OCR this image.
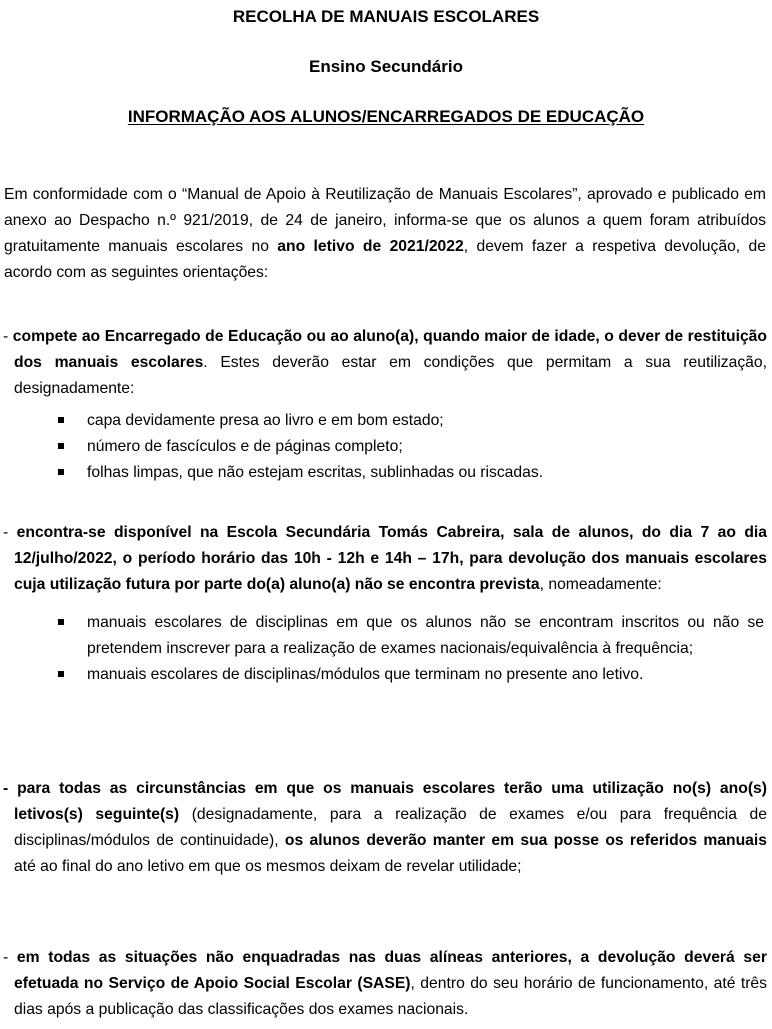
RECOLHA DE MANUAIS ESCOLARES
Ensino Secundário
INFORMAÇÃO AOS ALUNOS/ENCARREGADOS DE EDUCAÇÃO

Em conformidade com o “Manual de Apoio à Reutilização de Manuais Escolares”, aprovado e publicado em anexo ao Despacho n.º 921/2019, de 24 de janeiro, informa-se que os alunos a quem foram atribuídos gratuitamente manuais escolares no ano letivo de 2021/2022, devem fazer a respetiva devolução, de acordo com as seguintes orientações:

- compete ao Encarregado de Educação ou ao aluno(a), quando maior de idade, o dever de restituição dos manuais escolares. Estes deverão estar em condições que permitam a sua reutilização, designadamente:

capa devidamente presa ao livro e em bom estado;
número de fascículos e de páginas completo;
folhas limpas, que não estejam escritas, sublinhadas ou riscadas.

- encontra-se disponível na Escola Secundária Tomás Cabreira, sala de alunos, do dia 7 ao dia 12/julho/2022, o período horário das 10h - 12h e 14h – 17h, para devolução dos manuais escolares cuja utilização futura por parte do(a) aluno(a) não se encontra prevista, nomeadamente:

manuais escolares de disciplinas em que os alunos não se encontram inscritos ou não se pretendem inscrever para a realização de exames nacionais/equivalência à frequência;
manuais escolares de disciplinas/módulos que terminam no presente ano letivo.

- para todas as circunstâncias em que os manuais escolares terão uma utilização no(s) ano(s) letivos(s) seguinte(s) (designadamente, para a realização de exames e/ou para frequência de disciplinas/módulos de continuidade), os alunos deverão manter em sua posse os referidos manuais até ao final do ano letivo em que os mesmos deixam de revelar utilidade;

- em todas as situações não enquadradas nas duas alíneas anteriores, a devolução deverá ser efetuada no Serviço de Apoio Social Escolar (SASE), dentro do seu horário de funcionamento, até três dias após a publicação das classificações dos exames nacionais.
